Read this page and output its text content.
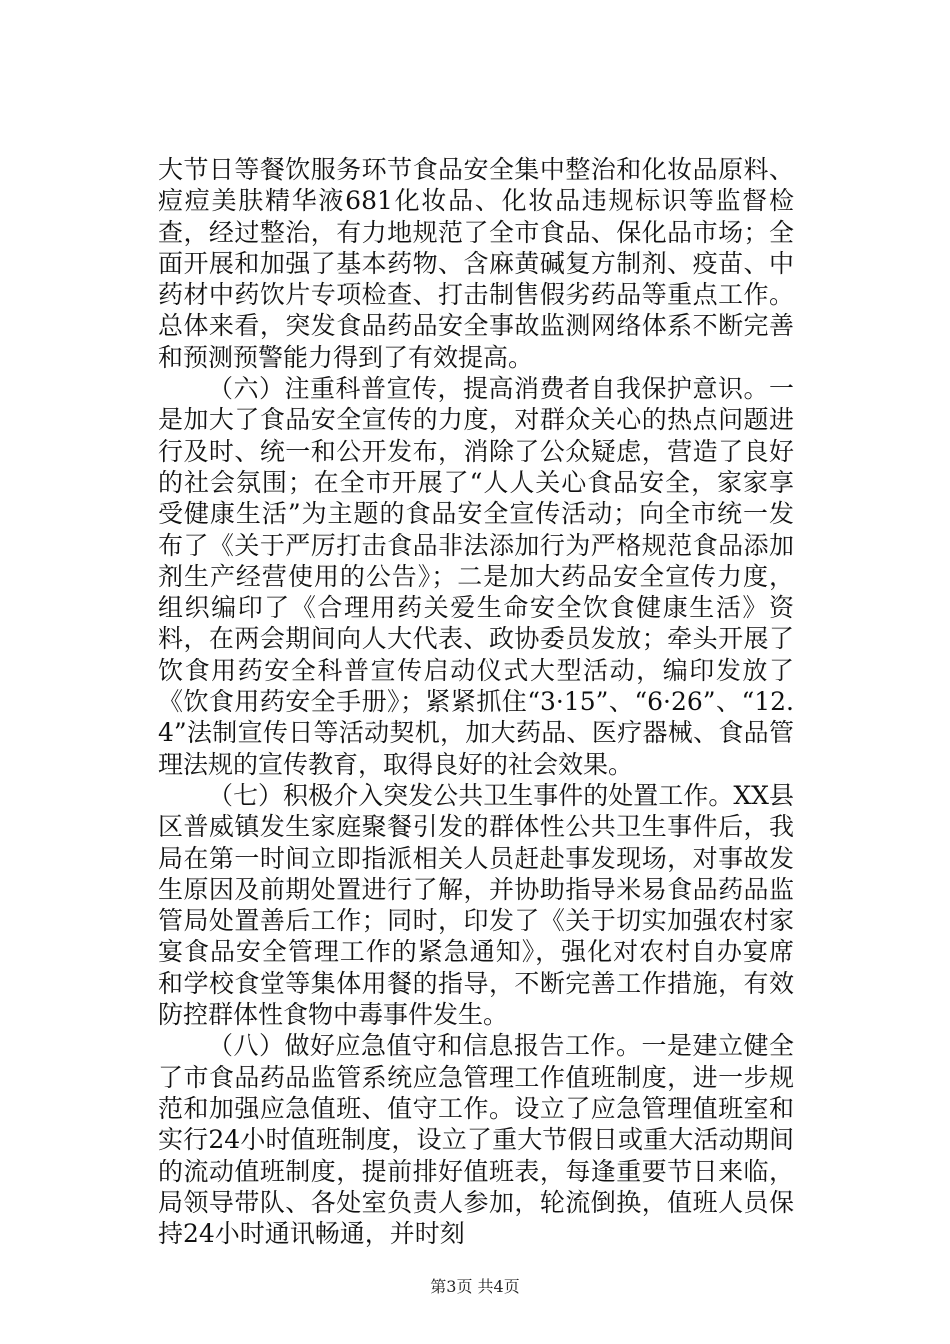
大节日等餐饮服务环节食品安全集中整治和化妆品原料、痘痘美肤精华液681化妆品、化妆品违规标识等监督检查，经过整治，有力地规范了全市食品、保化品市场；全面开展和加强了基本药物、含麻黄碱复方制剂、疫苗、中药材中药饮片专项检查、打击制售假劣药品等重点工作。总体来看，突发食品药品安全事故监测网络体系不断完善和预测预警能力得到了有效提高。

（六）注重科普宣传，提高消费者自我保护意识。一是加大了食品安全宣传的力度，对群众关心的热点问题进行及时、统一和公开发布，消除了公众疑虑，营造了良好的社会氛围；在全市开展了“人人关心食品安全，家家享受健康生活”为主题的食品安全宣传活动；向全市统一发布了《关于严厉打击食品非法添加行为严格规范食品添加剂生产经营使用的公告》；二是加大药品安全宣传力度，组织编印了《合理用药关爱生命安全饮食健康生活》资料，在两会期间向人大代表、政协委员发放；牵头开展了饮食用药安全科普宣传启动仪式大型活动，编印发放了《饮食用药安全手册》；紧紧抓住“3·15”、“6·26”、“12.4”法制宣传日等活动契机，加大药品、医疗器械、食品管理法规的宣传教育，取得良好的社会效果。

（七）积极介入突发公共卫生事件的处置工作。XX县区普威镇发生家庭聚餐引发的群体性公共卫生事件后，我局在第一时间立即指派相关人员赶赴事发现场，对事故发生原因及前期处置进行了解，并协助指导米易食品药品监管局处置善后工作；同时，印发了《关于切实加强农村家宴食品安全管理工作的紧急通知》，强化对农村自办宴席和学校食堂等集体用餐的指导，不断完善工作措施，有效防控群体性食物中毒事件发生。

（八）做好应急值守和信息报告工作。一是建立健全了市食品药品监管系统应急管理工作值班制度，进一步规范和加强应急值班、值守工作。设立了应急管理值班室和实行24小时值班制度，设立了重大节假日或重大活动期间的流动值班制度，提前排好值班表，每逢重要节日来临，局领导带队、各处室负责人参加，轮流倒换，值班人员保持24小时通讯畅通，并时刻

第3页 共4页
